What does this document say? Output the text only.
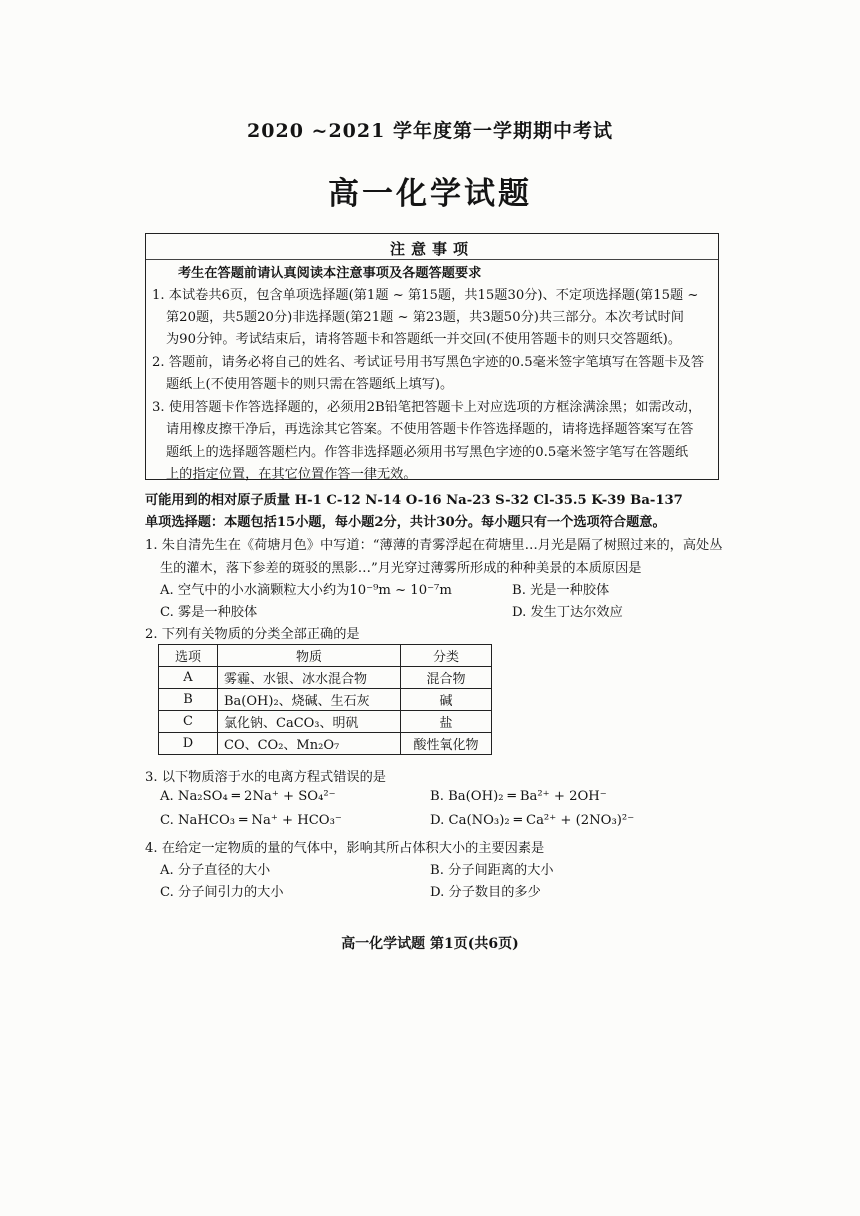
2020 ~2021 学年度第一学期期中考试
高一化学试题
注意事项
考生在答题前请认真阅读本注意事项及各题答题要求
1. 本试卷共6页，包含单项选择题(第1题 ~ 第15题，共15题30分)、不定项选择题(第15题 ~
第20题，共5题20分)非选择题(第21题 ~ 第23题，共3题50分)共三部分。本次考试时间
为90分钟。考试结束后，请将答题卡和答题纸一并交回(不使用答题卡的则只交答题纸)。
2. 答题前，请务必将自己的姓名、考试证号用书写黑色字迹的0.5毫米签字笔填写在答题卡及答
题纸上(不使用答题卡的则只需在答题纸上填写)。
3. 使用答题卡作答选择题的，必须用2B铅笔把答题卡上对应选项的方框涂满涂黑；如需改动，
请用橡皮擦干净后，再选涂其它答案。不使用答题卡作答选择题的，请将选择题答案写在答
题纸上的选择题答题栏内。作答非选择题必须用书写黑色字迹的0.5毫米签字笔写在答题纸
上的指定位置，在其它位置作答一律无效。
可能用到的相对原子质量 H-1 C-12 N-14 O-16 Na-23 S-32 Cl-35.5 K-39 Ba-137
单项选择题：本题包括15小题，每小题2分，共计30分。每小题只有一个选项符合题意。
1. 朱自清先生在《荷塘月色》中写道：“薄薄的青雾浮起在荷塘里…月光是隔了树照过来的，高处丛
生的灌木，落下参差的斑驳的黑影…”月光穿过薄雾所形成的种种美景的本质原因是
A. 空气中的小水滴颗粒大小约为10⁻⁹m ~ 10⁻⁷m	B. 光是一种胶体
C. 雾是一种胶体	D. 发生丁达尔效应
2. 下列有关物质的分类全部正确的是
选项	物质	分类
A	雾霾、水银、冰水混合物	混合物
B	Ba(OH)₂、烧碱、生石灰	碱
C	氯化钠、CaCO₃、明矾	盐
D	CO、CO₂、Mn₂O₇	酸性氧化物
3. 以下物质溶于水的电离方程式错误的是
A. Na₂SO₄ ═ 2Na⁺ + SO₄²⁻	B. Ba(OH)₂ ═ Ba²⁺ + 2OH⁻
C. NaHCO₃ ═ Na⁺ + HCO₃⁻	D. Ca(NO₃)₂ ═ Ca²⁺ + (2NO₃)²⁻
4. 在给定一定物质的量的气体中，影响其所占体积大小的主要因素是
A. 分子直径的大小	B. 分子间距离的大小
C. 分子间引力的大小	D. 分子数目的多少
高一化学试题 第1页(共6页)
